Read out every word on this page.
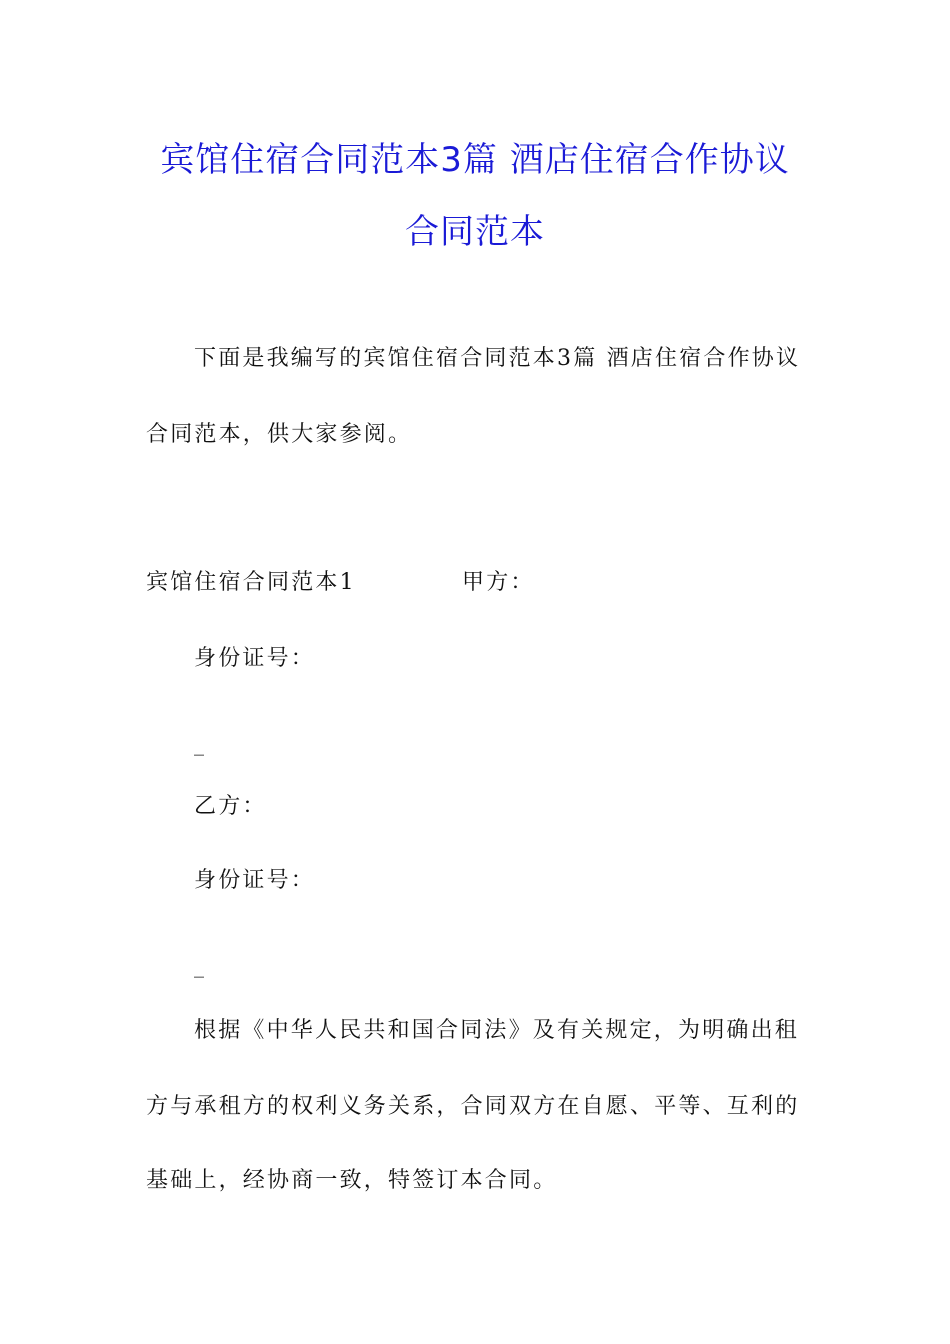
宾馆住宿合同范本3篇 酒店住宿合作协议
合同范本
下面是我编写的宾馆住宿合同范本3篇 酒店住宿合作协议
合同范本，供大家参阅。
宾馆住宿合同范本1	甲方：
身份证号：
_
乙方：
身份证号：
_
根据《中华人民共和国合同法》及有关规定，为明确出租
方与承租方的权利义务关系，合同双方在自愿、平等、互利的
基础上，经协商一致，特签订本合同。
